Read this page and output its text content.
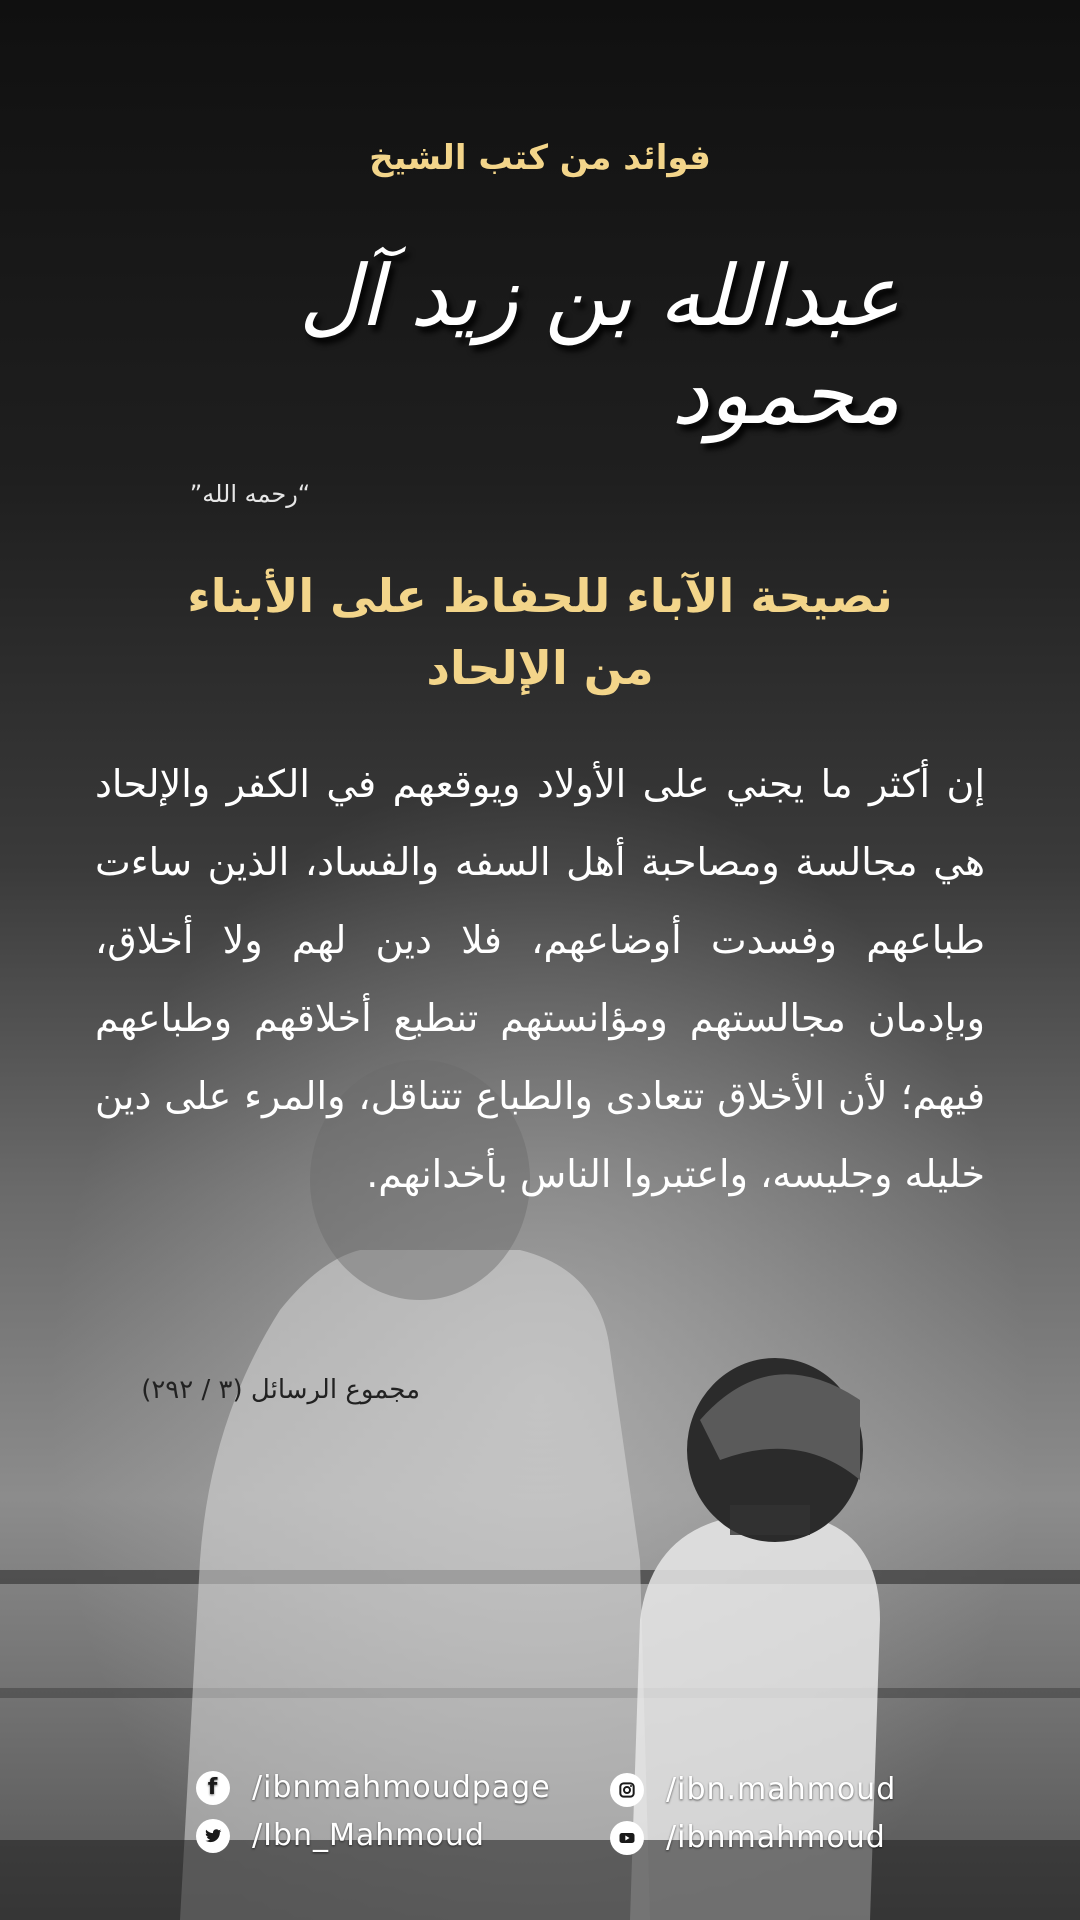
فوائد من كتب الشيخ
عبدالله بن زيد آل محمود
”رحمه الله“
نصيحة الآباء للحفاظ على الأبناء
من الإلحاد
إن أكثر ما يجني على الأولاد ويوقعهم في الكفر والإلحاد هي مجالسة ومصاحبة أهل السفه والفساد، الذين ساءت طباعهم وفسدت أوضاعهم، فلا دين لهم ولا أخلاق، وبإدمان مجالستهم ومؤانستهم تنطبع أخلاقهم وطباعهم فيهم؛ لأن الأخلاق تتعادى والطباع تتناقل، والمرء على دين خليله وجليسه، واعتبروا الناس بأخدانهم.
مجموع الرسائل (٣ / ٢٩٢)
f	/ibnmahmoudpage
/Ibn_Mahmoud
/ibn.mahmoud
/ibnmahmoud
